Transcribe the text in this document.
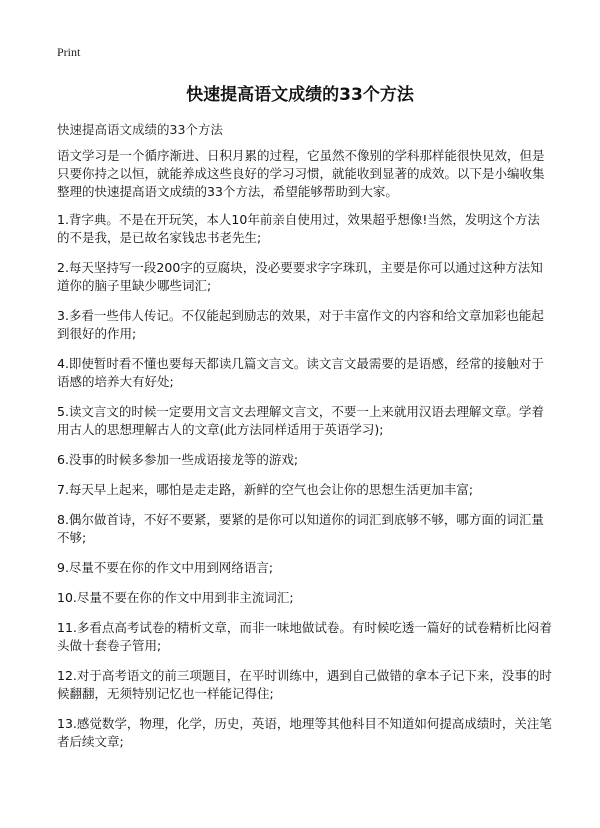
Print
快速提高语文成绩的33个方法

快速提高语文成绩的33个方法

语文学习是一个循序渐进、日积月累的过程，它虽然不像别的学科那样能很快见效，但是只要你持之以恒，就能养成这些良好的学习习惯，就能收到显著的成效。以下是小编收集整理的快速提高语文成绩的33个方法，希望能够帮助到大家。

1.背字典。不是在开玩笑，本人10年前亲自使用过，效果超乎想像!当然，发明这个方法的不是我，是已故名家钱忠书老先生;

2.每天坚持写一段200字的豆腐块，没必要要求字字珠玑，主要是你可以通过这种方法知道你的脑子里缺少哪些词汇;

3.多看一些伟人传记。不仅能起到励志的效果，对于丰富作文的内容和给文章加彩也能起到很好的作用;

4.即使暂时看不懂也要每天都读几篇文言文。读文言文最需要的是语感，经常的接触对于语感的培养大有好处;

5.读文言文的时候一定要用文言文去理解文言文，不要一上来就用汉语去理解文章。学着用古人的思想理解古人的文章(此方法同样适用于英语学习);

6.没事的时候多参加一些成语接龙等的游戏;

7.每天早上起来，哪怕是走走路，新鲜的空气也会让你的思想生活更加丰富;

8.偶尔做首诗，不好不要紧，要紧的是你可以知道你的词汇到底够不够，哪方面的词汇量不够;

9.尽量不要在你的作文中用到网络语言;

10.尽量不要在你的作文中用到非主流词汇;

11.多看点高考试卷的精析文章，而非一味地做试卷。有时候吃透一篇好的试卷精析比闷着头做十套卷子管用;

12.对于高考语文的前三项题目，在平时训练中，遇到自己做错的拿本子记下来，没事的时候翻翻，无须特别记忆也一样能记得住;

13.感觉数学，物理，化学，历史，英语，地理等其他科目不知道如何提高成绩时，关注笔者后续文章;
